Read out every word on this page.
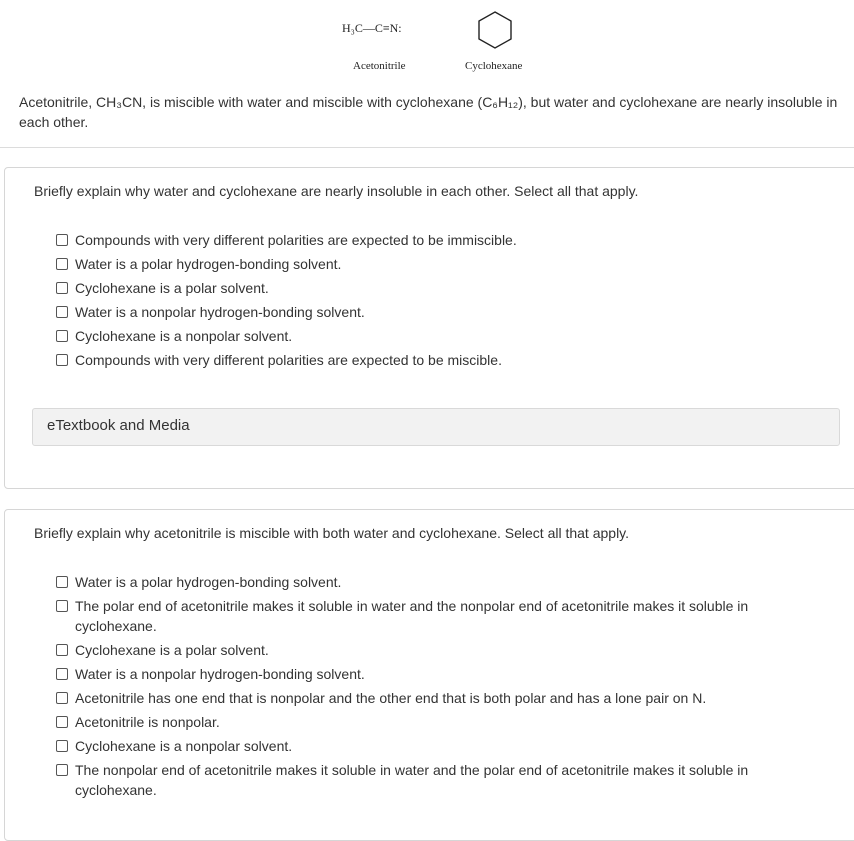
H₃C—C≡N:
Acetonitrile	Cyclohexane
Acetonitrile, CH₃CN, is miscible with water and miscible with cyclohexane (C₆H₁₂), but water and cyclohexane are nearly insoluble in each other.
Briefly explain why water and cyclohexane are nearly insoluble in each other. Select all that apply.
Compounds with very different polarities are expected to be immiscible.
Water is a polar hydrogen-bonding solvent.
Cyclohexane is a polar solvent.
Water is a nonpolar hydrogen-bonding solvent.
Cyclohexane is a nonpolar solvent.
Compounds with very different polarities are expected to be miscible.
eTextbook and Media
Briefly explain why acetonitrile is miscible with both water and cyclohexane. Select all that apply.
Water is a polar hydrogen-bonding solvent.
The polar end of acetonitrile makes it soluble in water and the nonpolar end of acetonitrile makes it soluble in cyclohexane.
Cyclohexane is a polar solvent.
Water is a nonpolar hydrogen-bonding solvent.
Acetonitrile has one end that is nonpolar and the other end that is both polar and has a lone pair on N.
Acetonitrile is nonpolar.
Cyclohexane is a nonpolar solvent.
The nonpolar end of acetonitrile makes it soluble in water and the polar end of acetonitrile makes it soluble in cyclohexane.
